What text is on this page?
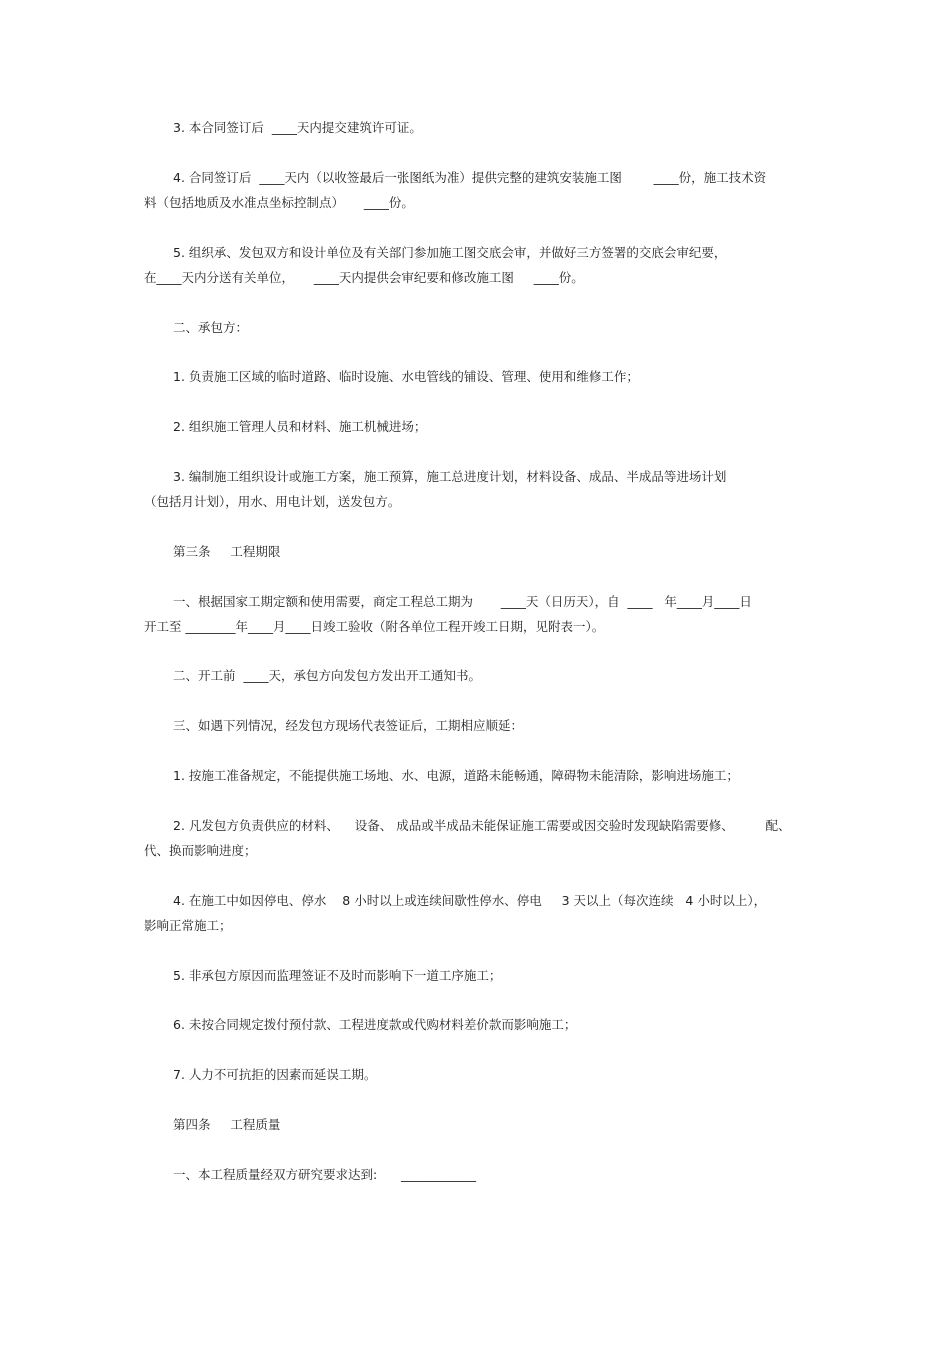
3. 本合同签订后  ____天内提交建筑许可证。
4. 合同签订后  ____天内（以收签最后一张图纸为准）提供完整的建筑安装施工图        ____份，施工技术资
料（包括地质及水准点坐标控制点）     ____份。
5. 组织承、发包双方和设计单位及有关部门参加施工图交底会审，并做好三方签署的交底会审纪要，
在____天内分送有关单位，     ____天内提供会审纪要和修改施工图     ____份。
二、承包方：
1. 负责施工区域的临时道路、临时设施、水电管线的铺设、管理、使用和维修工作；
2. 组织施工管理人员和材料、施工机械进场；
3. 编制施工组织设计或施工方案，施工预算，施工总进度计划，材料设备、成品、半成品等进场计划
（包括月计划），用水、用电计划，送发包方。
第三条     工程期限
一、根据国家工期定额和使用需要，商定工程总工期为       ____天（日历天），自  ____   年____月____日
开工至 ________年____月____日竣工验收（附各单位工程开竣工日期，见附表一）。
二、开工前  ____天，承包方向发包方发出开工通知书。
三、如遇下列情况，经发包方现场代表签证后，工期相应顺延：
1. 按施工准备规定，不能提供施工场地、水、电源，道路未能畅通，障碍物未能清除，影响进场施工；
2. 凡发包方负责供应的材料、    设备、 成品或半成品未能保证施工需要或因交验时发现缺陷需要修、        配、
代、换而影响进度；
4. 在施工中如因停电、停水    8 小时以上或连续间歇性停水、停电     3 天以上（每次连续   4 小时以上），
影响正常施工；
5. 非承包方原因而监理签证不及时而影响下一道工序施工；
6. 未按合同规定拨付预付款、工程进度款或代购材料差价款而影响施工；
7. 人力不可抗拒的因素而延误工期。
第四条     工程质量
一、本工程质量经双方研究要求达到:      ____________
